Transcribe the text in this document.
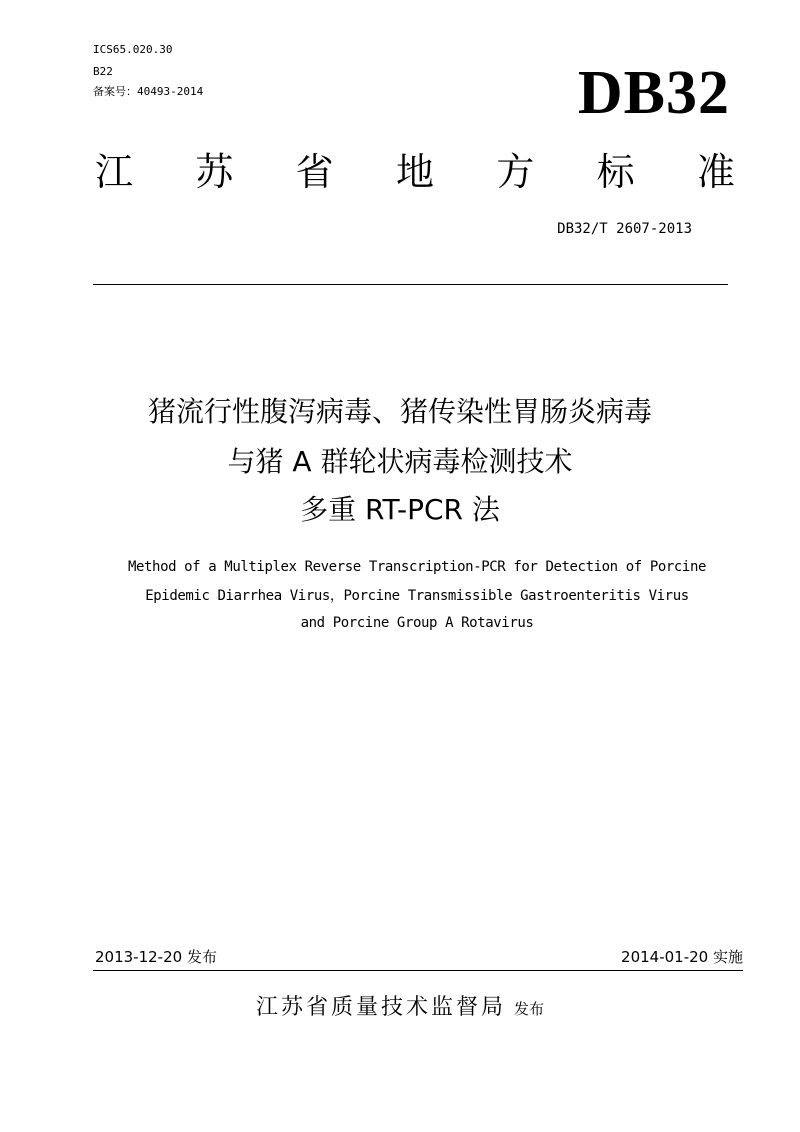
ICS65.020.30
B22
备案号：40493-2014	DB32
江 苏 省 地 方 标 准
DB32/T 2607-2013
猪流行性腹泻病毒、猪传染性胃肠炎病毒
与猪 A 群轮状病毒检测技术
多重 RT-PCR 法
Method of a Multiplex Reverse Transcription-PCR for Detection of Porcine
Epidemic Diarrhea Virus，Porcine Transmissible Gastroenteritis Virus
and Porcine Group A Rotavirus
2013-12-20 发布	2014-01-20 实施
江苏省质量技术监督局 发布
